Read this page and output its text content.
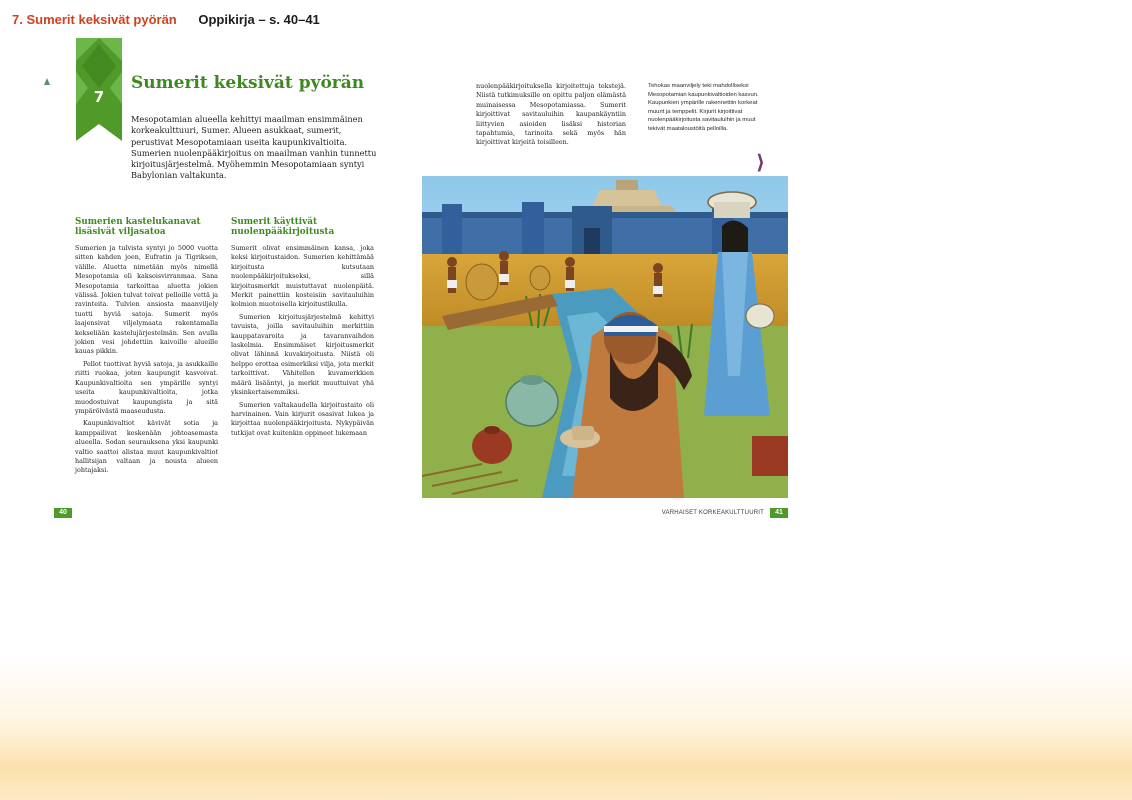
7. Sumerit keksivät pyörän Oppikirja – s. 40–41
7
Sumerit keksivät pyörän
Mesopotamian alueella kehittyi maailman ensimmäinen korkeakulttuuri, Sumer. Alueen asukkaat, sumerit, perustivat Mesopotamiaan useita kaupunkivaltioita. Sumerien nuolenpääkirjoitus on maailman vanhin tunnettu kirjoitusjärjestelmä. Myöhemmin Mesopotamiaan syntyi Babylonian valtakunta.
Sumerien kastelukanavat lisäsivät viljasatoa

Sumerien ja tulvista syntyi jo 5000 vuotta sitten kahden joen, Eufratin ja Tigriksen, välille. Aluetta nimetään myös nimellä Mesopotamia eli kaksoisvirranmaa. Sana Mesopotamia tarkoittaa aluetta jokien välissä. Jokien tulvat toivat pelloille vettä ja ravinteita. Tulvien ansiosta maanviljely tuotti hyviä satoja. Sumerit myös laajensivat viljelymaata rakentamalla kekseliään kastelujärjestelmän. Sen avulla jokien vesi johdettiin kaivoille alueille kauas pikkin.

Pellot tuottivat hyviä satoja, ja asukkaille riitti ruokaa, joten kaupungit kasvoivat. Kaupunkivaltioita sen ympärille syntyi useita kaupunkivaltioita, jotka muodostuivat kaupungista ja sitä ympäröivästä maaseudusta.

Kaupunkivaltiot kävivät sotia ja kamppailivat keskenään johtoasemasta alueella. Sodan seurauksena yksi kaupunki valtio saattoi alistaa muut kaupunkivaltiot hallitsijan valtaan ja nousta alueen johtajaksi.

Sumerit käyttivät nuolenpääkirjoitusta

Sumerit olivat ensimmäinen kansa, joka keksi kirjoitustaidon. Sumerien kehittämää kirjoitusta kutsutaan nuolenpääkirjoitukseksi, sillä kirjoitusmerkit muistuttavat nuolenpäitä. Merkit painettiin kosteisiin savitauluihin kolmion muotoisella kirjoitustikulla.

Sumerien kirjoitusjärjestelmä kehittyi tavuista, joilla savitauluihin merkittiin kauppatavaroita ja tavaranvaihdon laskelmia. Ensimmäiset kirjoitusmerkit olivat lähinnä kuvakirjoitusta. Niistä oli helppo erottaa esimerkiksi vilja, jota merkit tarkoittivat. Vähitellen kuvamerkkien määrä lisääntyi, ja merkit muuttuivat yhä yksinkertaisemmiksi.

Sumerien valtakaudella kirjoitustaito oli harvinainen. Vain kirjurit osasivat lukea ja kirjoittaa nuolenpääkirjoitusta. Nykypäivän tutkijat ovat kuitenkin oppineet lukemaan

nuolenpääkirjoituksella kirjoitettuja tekstejä. Niistä tutkimuksille on opittu paljon elämästä muinaisessa Mesopotamiassa. Sumerit kirjoittivat savitauluihin kaupankäyntiin liittyvien asioiden lisäksi historian tapahtumia, tarinoita sekä myös hän kirjoittivat kirjeitä toisilleen.

Tehokas maanviljely teki mahdolliseksi Mesopotamian kaupunkivaltioiden kasvun. Kaupunkien ympärille rakennettiin korkeat muurit ja temppelit. Kirjurit kirjoittivat nuolenpääkirjoitusta savitauluihin ja muut tekivät maataloustöitä pelloilla.
⟩
40	VARHAISET KORKEAKULTTUURIT	41
